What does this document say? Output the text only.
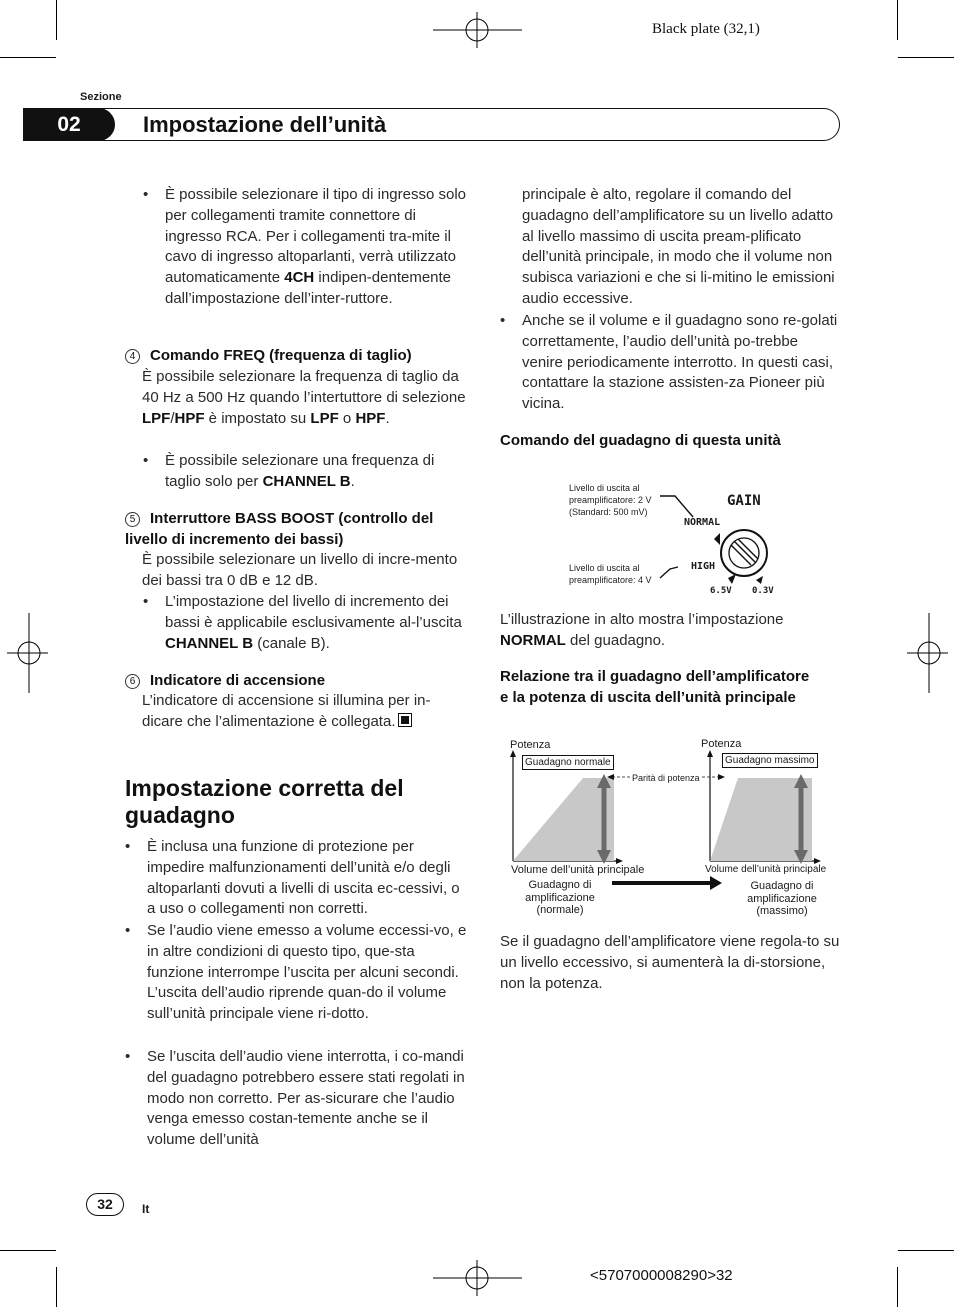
Black plate (32,1)
Sezione
02	Impostazione dell’unità
• È possibile selezionare il tipo di ingresso solo per collegamenti tramite connettore di ingresso RCA. Per i collegamenti tra-mite il cavo di ingresso altoparlanti, verrà utilizzato automaticamente 4CH indipen-dentemente dall’impostazione dell’inter-ruttore.
4 Comando FREQ (frequenza di taglio)
È possibile selezionare la frequenza di taglio da 40 Hz a 500 Hz quando l’intertuttore di selezione LPF/HPF è impostato su LPF o HPF.
• È possibile selezionare una frequenza di taglio solo per CHANNEL B.
5 Interruttore BASS BOOST (controllo del livello di incremento dei bassi)
È possibile selezionare un livello di incre-mento dei bassi tra 0 dB e 12 dB.
• L’impostazione del livello di incremento dei bassi è applicabile esclusivamente al-l’uscita CHANNEL B (canale B).
6 Indicatore di accensione
L’indicatore di accensione si illumina per in-dicare che l’alimentazione è collegata.
Impostazione corretta del guadagno
• È inclusa una funzione di protezione per impedire malfunzionamenti dell’unità e/o degli altoparlanti dovuti a livelli di uscita ec-cessivi, o a uso o collegamenti non corretti.
• Se l’audio viene emesso a volume eccessi-vo, e in altre condizioni di questo tipo, que-sta funzione interrompe l’uscita per alcuni secondi. L’uscita dell’audio riprende quan-do il volume sull’unità principale viene ri-dotto.
• Se l’uscita dell’audio viene interrotta, i co-mandi del guadagno potrebbero essere stati regolati in modo non corretto. Per as-sicurare che l’audio venga emesso costan-temente anche se il volume dell’unità
principale è alto, regolare il comando del guadagno dell’amplificatore su un livello adatto al livello massimo di uscita pream-plificato dell’unità principale, in modo che il volume non subisca variazioni e che si li-mitino le emissioni audio eccessive.
• Anche se il volume e il guadagno sono re-golati correttamente, l’audio dell’unità po-trebbe venire periodicamente interrotto. In questi casi, contattare la stazione assisten-za Pioneer più vicina.
Comando del guadagno di questa unità
Livello di uscita al
preamplificatore: 2 V
(Standard: 500 mV)
Livello di uscita al
preamplificatore: 4 V
GAIN
NORMAL
HIGH
6.5V 0.3V
L’illustrazione in alto mostra l’impostazione NORMAL del guadagno.
Relazione tra il guadagno dell’amplificatore e la potenza di uscita dell’unità principale
Potenza	Potenza
Guadagno normale	Guadagno massimo
Parità di potenza
Volume dell’unità principale	Volume dell’unità principale
Guadagno di
amplificazione
(normale)
Guadagno di
amplificazione
(massimo)
Se il guadagno dell’amplificatore viene regola-to su un livello eccessivo, si aumenterà la di-storsione, non la potenza.
32	It
<5707000008290>32
